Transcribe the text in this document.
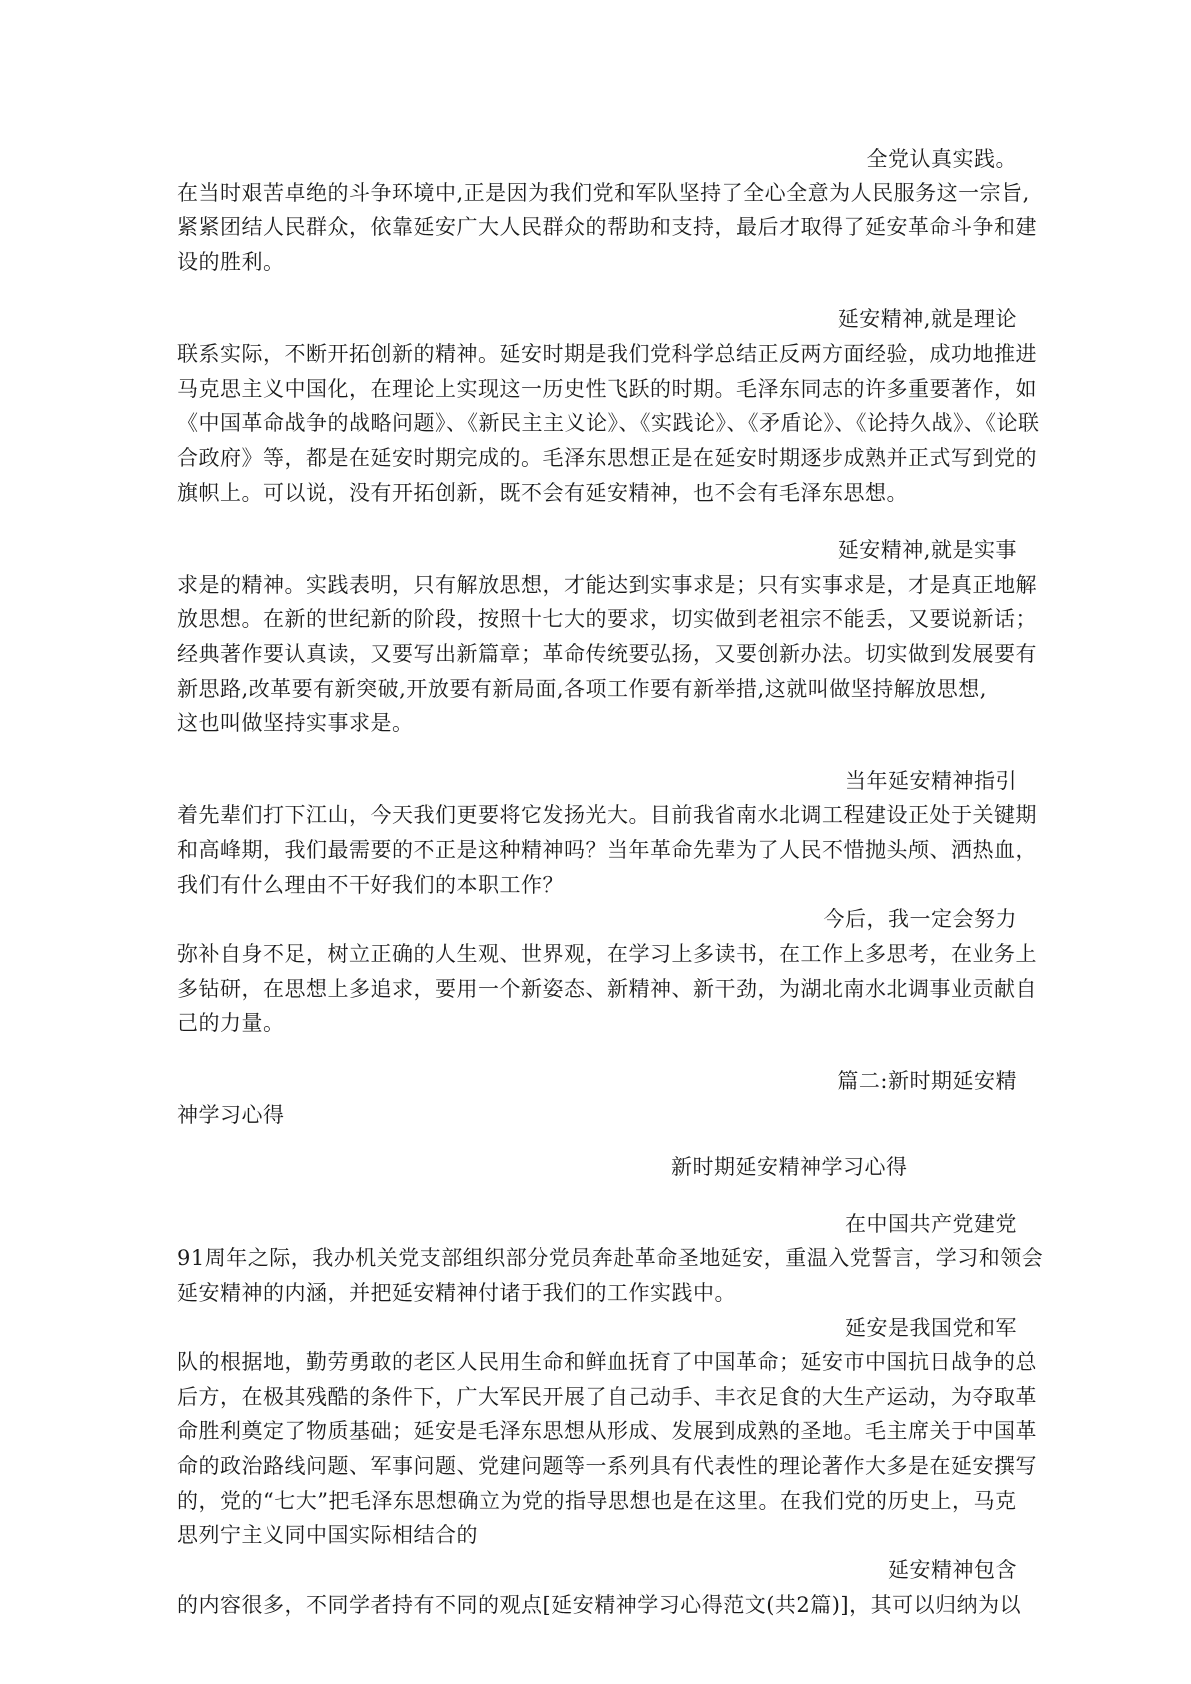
全党认真实践。
在当时艰苦卓绝的斗争环境中,正是因为我们党和军队坚持了全心全意为人民服务这一宗旨,
紧紧团结人民群众，依靠延安广大人民群众的帮助和支持，最后才取得了延安革命斗争和建
设的胜利。
延安精神,就是理论
联系实际，不断开拓创新的精神。延安时期是我们党科学总结正反两方面经验，成功地推进
马克思主义中国化，在理论上实现这一历史性飞跃的时期。毛泽东同志的许多重要著作，如
《中国革命战争的战略问题》、《新民主主义论》、《实践论》、《矛盾论》、《论持久战》、《论联
合政府》等，都是在延安时期完成的。毛泽东思想正是在延安时期逐步成熟并正式写到党的
旗帜上。可以说，没有开拓创新，既不会有延安精神，也不会有毛泽东思想。
延安精神,就是实事
求是的精神。实践表明，只有解放思想，才能达到实事求是；只有实事求是，才是真正地解
放思想。在新的世纪新的阶段，按照十七大的要求，切实做到老祖宗不能丢，又要说新话；
经典著作要认真读，又要写出新篇章；革命传统要弘扬，又要创新办法。切实做到发展要有
新思路,改革要有新突破,开放要有新局面,各项工作要有新举措,这就叫做坚持解放思想,
这也叫做坚持实事求是。
当年延安精神指引
着先辈们打下江山，今天我们更要将它发扬光大。目前我省南水北调工程建设正处于关键期
和高峰期，我们最需要的不正是这种精神吗？当年革命先辈为了人民不惜抛头颅、洒热血，
我们有什么理由不干好我们的本职工作？
今后，我一定会努力
弥补自身不足，树立正确的人生观、世界观，在学习上多读书，在工作上多思考，在业务上
多钻研，在思想上多追求，要用一个新姿态、新精神、新干劲，为湖北南水北调事业贡献自
己的力量。
篇二:新时期延安精
神学习心得
新时期延安精神学习心得
在中国共产党建党
91周年之际，我办机关党支部组织部分党员奔赴革命圣地延安，重温入党誓言，学习和领会
延安精神的内涵，并把延安精神付诸于我们的工作实践中。
延安是我国党和军
队的根据地，勤劳勇敢的老区人民用生命和鲜血抚育了中国革命；延安市中国抗日战争的总
后方，在极其残酷的条件下，广大军民开展了自己动手、丰衣足食的大生产运动，为夺取革
命胜利奠定了物质基础；延安是毛泽东思想从形成、发展到成熟的圣地。毛主席关于中国革
命的政治路线问题、军事问题、党建问题等一系列具有代表性的理论著作大多是在延安撰写
的，党的“七大”把毛泽东思想确立为党的指导思想也是在这里。在我们党的历史上，马克
思列宁主义同中国实际相结合的
延安精神包含
的内容很多，不同学者持有不同的观点[延安精神学习心得范文(共2篇)]，其可以归纳为以
